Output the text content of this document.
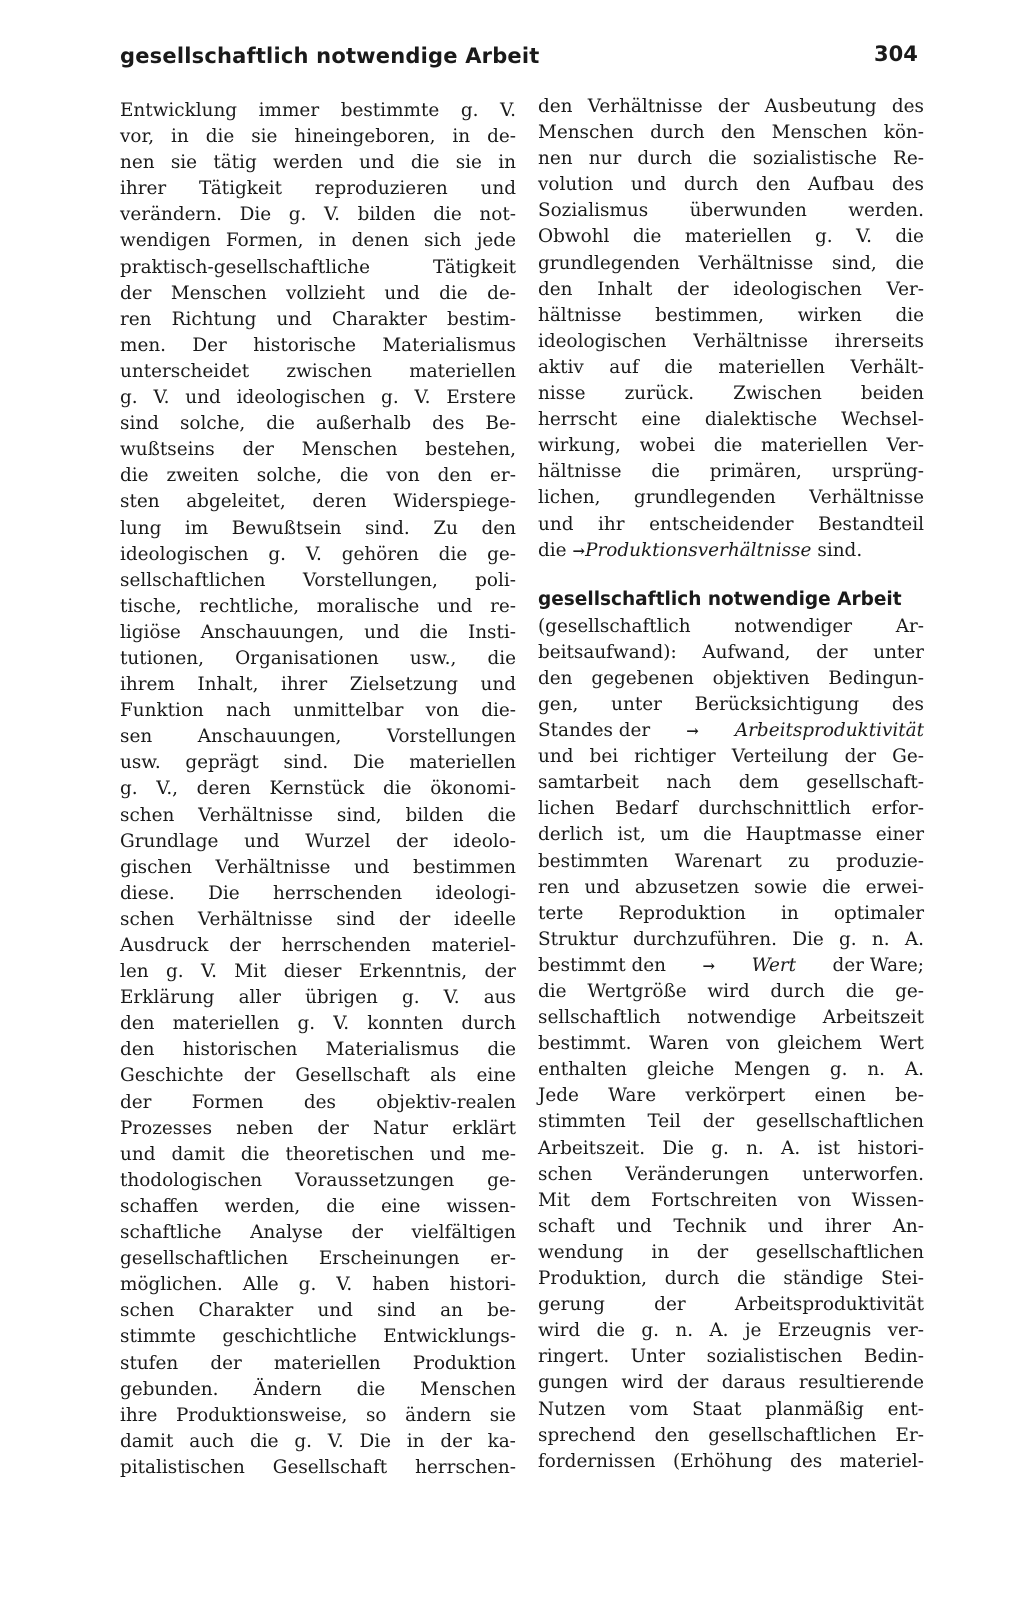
gesellschaftlich notwendige Arbeit	304
Entwicklung immer bestimmte g. V.
vor, in die sie hineingeboren, in de-
nen sie tätig werden und die sie in
ihrer Tätigkeit reproduzieren und
verändern. Die g. V. bilden die not-
wendigen Formen, in denen sich jede
praktisch-gesellschaftliche	Tätigkeit
der Menschen vollzieht und die de-
ren Richtung und Charakter bestim-
men. Der historische Materialismus
unterscheidet zwischen materiellen
g. V. und ideologischen g. V. Erstere
sind solche, die außerhalb des Be-
wußtseins der Menschen bestehen,
die zweiten solche, die von den er-
sten abgeleitet, deren Widerspiege-
lung im Bewußtsein sind. Zu den
ideologischen g. V. gehören die ge-
sellschaftlichen Vorstellungen, poli-
tische, rechtliche, moralische und re-
ligiöse Anschauungen, und die Insti-
tutionen, Organisationen usw., die
ihrem Inhalt, ihrer Zielsetzung und
Funktion nach unmittelbar von die-
sen Anschauungen, Vorstellungen
usw. geprägt sind. Die materiellen
g. V., deren Kernstück die ökonomi-
schen Verhältnisse sind, bilden die
Grundlage und Wurzel der ideolo-
gischen Verhältnisse und bestimmen
diese. Die herrschenden ideologi-
schen Verhältnisse sind der ideelle
Ausdruck der herrschenden materiel-
len g. V. Mit dieser Erkenntnis, der
Erklärung aller übrigen g. V. aus
den materiellen g. V. konnten durch
den historischen Materialismus die
Geschichte der Gesellschaft als eine
der Formen des objektiv-realen
Prozesses neben der Natur erklärt
und damit die theoretischen und me-
thodologischen Voraussetzungen ge-
schaffen werden, die eine wissen-
schaftliche Analyse der vielfältigen
gesellschaftlichen Erscheinungen er-
möglichen. Alle g. V. haben histori-
schen Charakter und sind an be-
stimmte geschichtliche Entwicklungs-
stufen der materiellen Produktion
gebunden. Ändern die Menschen
ihre Produktionsweise, so ändern sie
damit auch die g. V. Die in der ka-
pitalistischen Gesellschaft herrschen-
den Verhältnisse der Ausbeutung des
Menschen durch den Menschen kön-
nen nur durch die sozialistische Re-
volution und durch den Aufbau des
Sozialismus überwunden werden.
Obwohl die materiellen g. V. die
grundlegenden Verhältnisse sind, die
den Inhalt der ideologischen Ver-
hältnisse bestimmen, wirken die
ideologischen Verhältnisse ihrerseits
aktiv auf die materiellen Verhält-
nisse zurück. Zwischen beiden
herrscht eine dialektische Wechsel-
wirkung, wobei die materiellen Ver-
hältnisse die primären, ursprüng-
lichen, grundlegenden Verhältnisse
und ihr entscheidender Bestandteil
die → Produktionsverhältnisse sind.
gesellschaftlich notwendige Arbeit
(gesellschaftlich notwendiger Ar-
beitsaufwand): Aufwand, der unter
den gegebenen objektiven Bedingun-
gen, unter Berücksichtigung des
Standes der → Arbeitsproduktivität
und bei richtiger Verteilung der Ge-
samtarbeit nach dem gesellschaft-
lichen Bedarf durchschnittlich erfor-
derlich ist, um die Hauptmasse einer
bestimmten Warenart zu produzie-
ren und abzusetzen sowie die erwei-
terte Reproduktion in optimaler
Struktur durchzuführen. Die g. n. A.
bestimmt den → Wert der Ware;
die Wertgröße wird durch die ge-
sellschaftlich notwendige Arbeitszeit
bestimmt. Waren von gleichem Wert
enthalten gleiche Mengen g. n. A.
Jede Ware verkörpert einen be-
stimmten Teil der gesellschaftlichen
Arbeitszeit. Die g. n. A. ist histori-
schen Veränderungen unterworfen.
Mit dem Fortschreiten von Wissen-
schaft und Technik und ihrer An-
wendung in der gesellschaftlichen
Produktion, durch die ständige Stei-
gerung	der	Arbeitsproduktivität
wird die g. n. A. je Erzeugnis ver-
ringert. Unter sozialistischen Bedin-
gungen wird der daraus resultierende
Nutzen vom Staat planmäßig ent-
sprechend den gesellschaftlichen Er-
fordernissen (Erhöhung des materiel-
